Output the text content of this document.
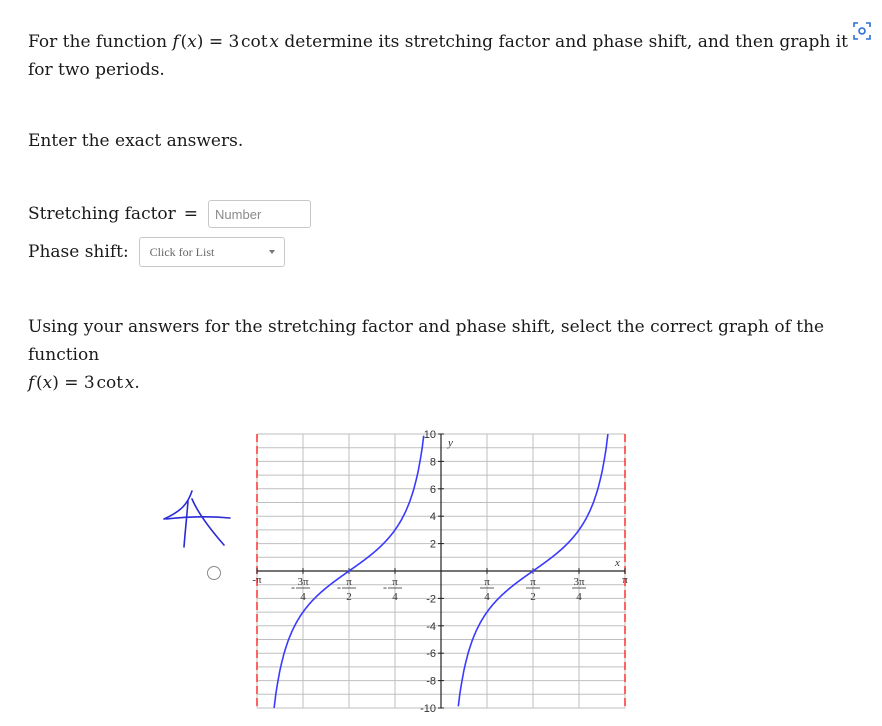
For the function f (x) = 3  cot  x determine its stretching factor and phase shift, and then graph it for two periods.
Enter the exact answers.
Stretching factor =
Number
Phase shift: Click for List
Using your answers for the stretching factor and phase shift, select the correct graph of the function
f (x) = 3  cot  x.
-10
-8
-6
-4
-2
2
4
6
8
10
-π - 3π
4
- π
2
- π
4
π
4
π
2
3π
4
π
x
y
